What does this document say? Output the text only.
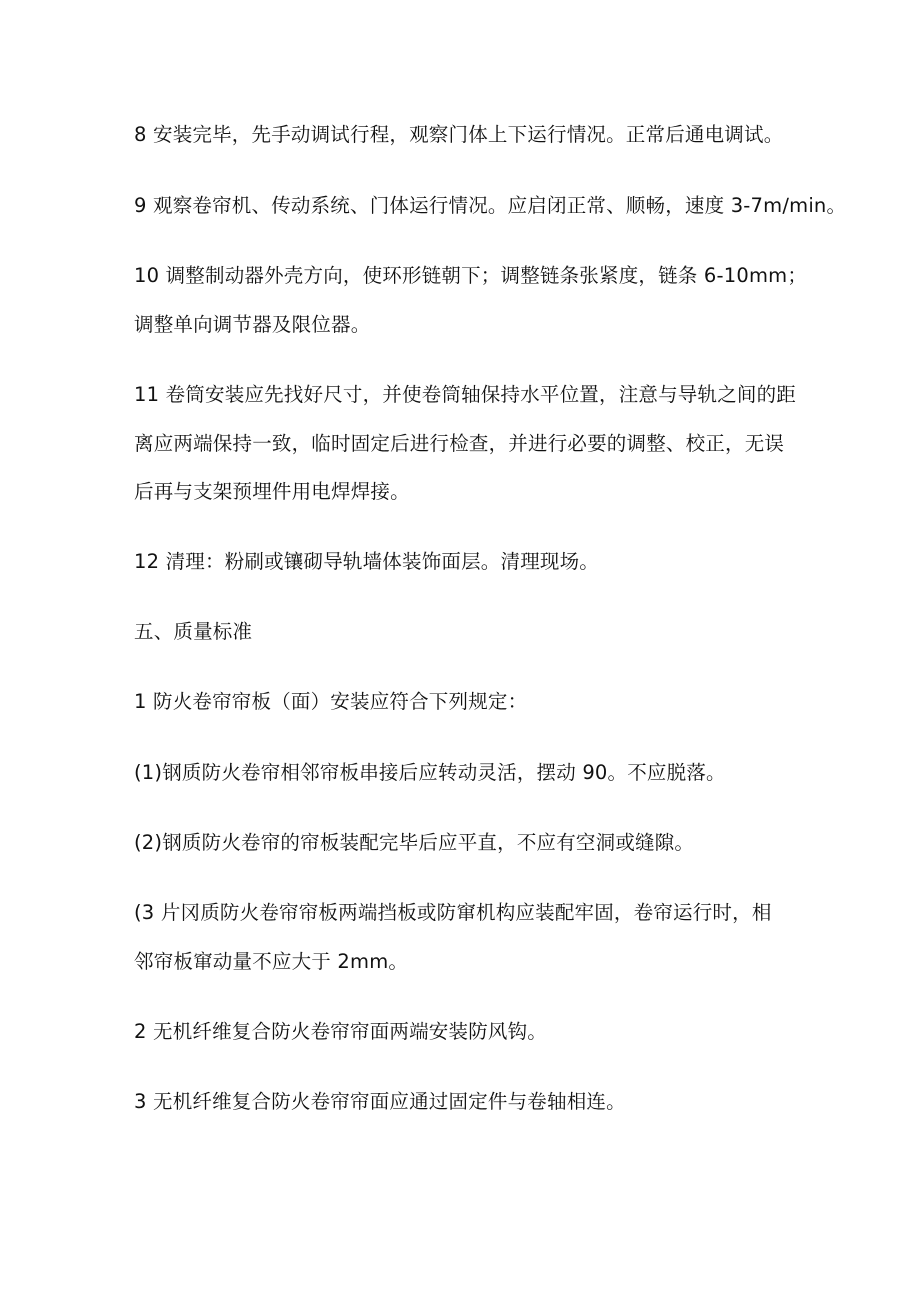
8 安装完毕，先手动调试行程，观察门体上下运行情况。正常后通电调试。
9 观察卷帘机、传动系统、门体运行情况。应启闭正常、顺畅，速度 3-7m∕min。
10 调整制动器外壳方向，使环形链朝下；调整链条张紧度，链条 6-10mm；
调整单向调节器及限位器。
11 卷筒安装应先找好尺寸，并使卷筒轴保持水平位置，注意与导轨之间的距
离应两端保持一致，临时固定后进行检查，并进行必要的调整、校正，无误
后再与支架预埋件用电焊焊接。
12 清理：粉刷或镶砌导轨墙体装饰面层。清理现场。
五、质量标准
1 防火卷帘帘板（面）安装应符合下列规定：
(1)钢质防火卷帘相邻帘板串接后应转动灵活，摆动 90。不应脱落。
(2)钢质防火卷帘的帘板装配完毕后应平直，不应有空洞或缝隙。
(3 片冈质防火卷帘帘板两端挡板或防窜机构应装配牢固，卷帘运行时，相
邻帘板窜动量不应大于 2mm。
2 无机纤维复合防火卷帘帘面两端安装防风钩。
3 无机纤维复合防火卷帘帘面应通过固定件与卷轴相连。
